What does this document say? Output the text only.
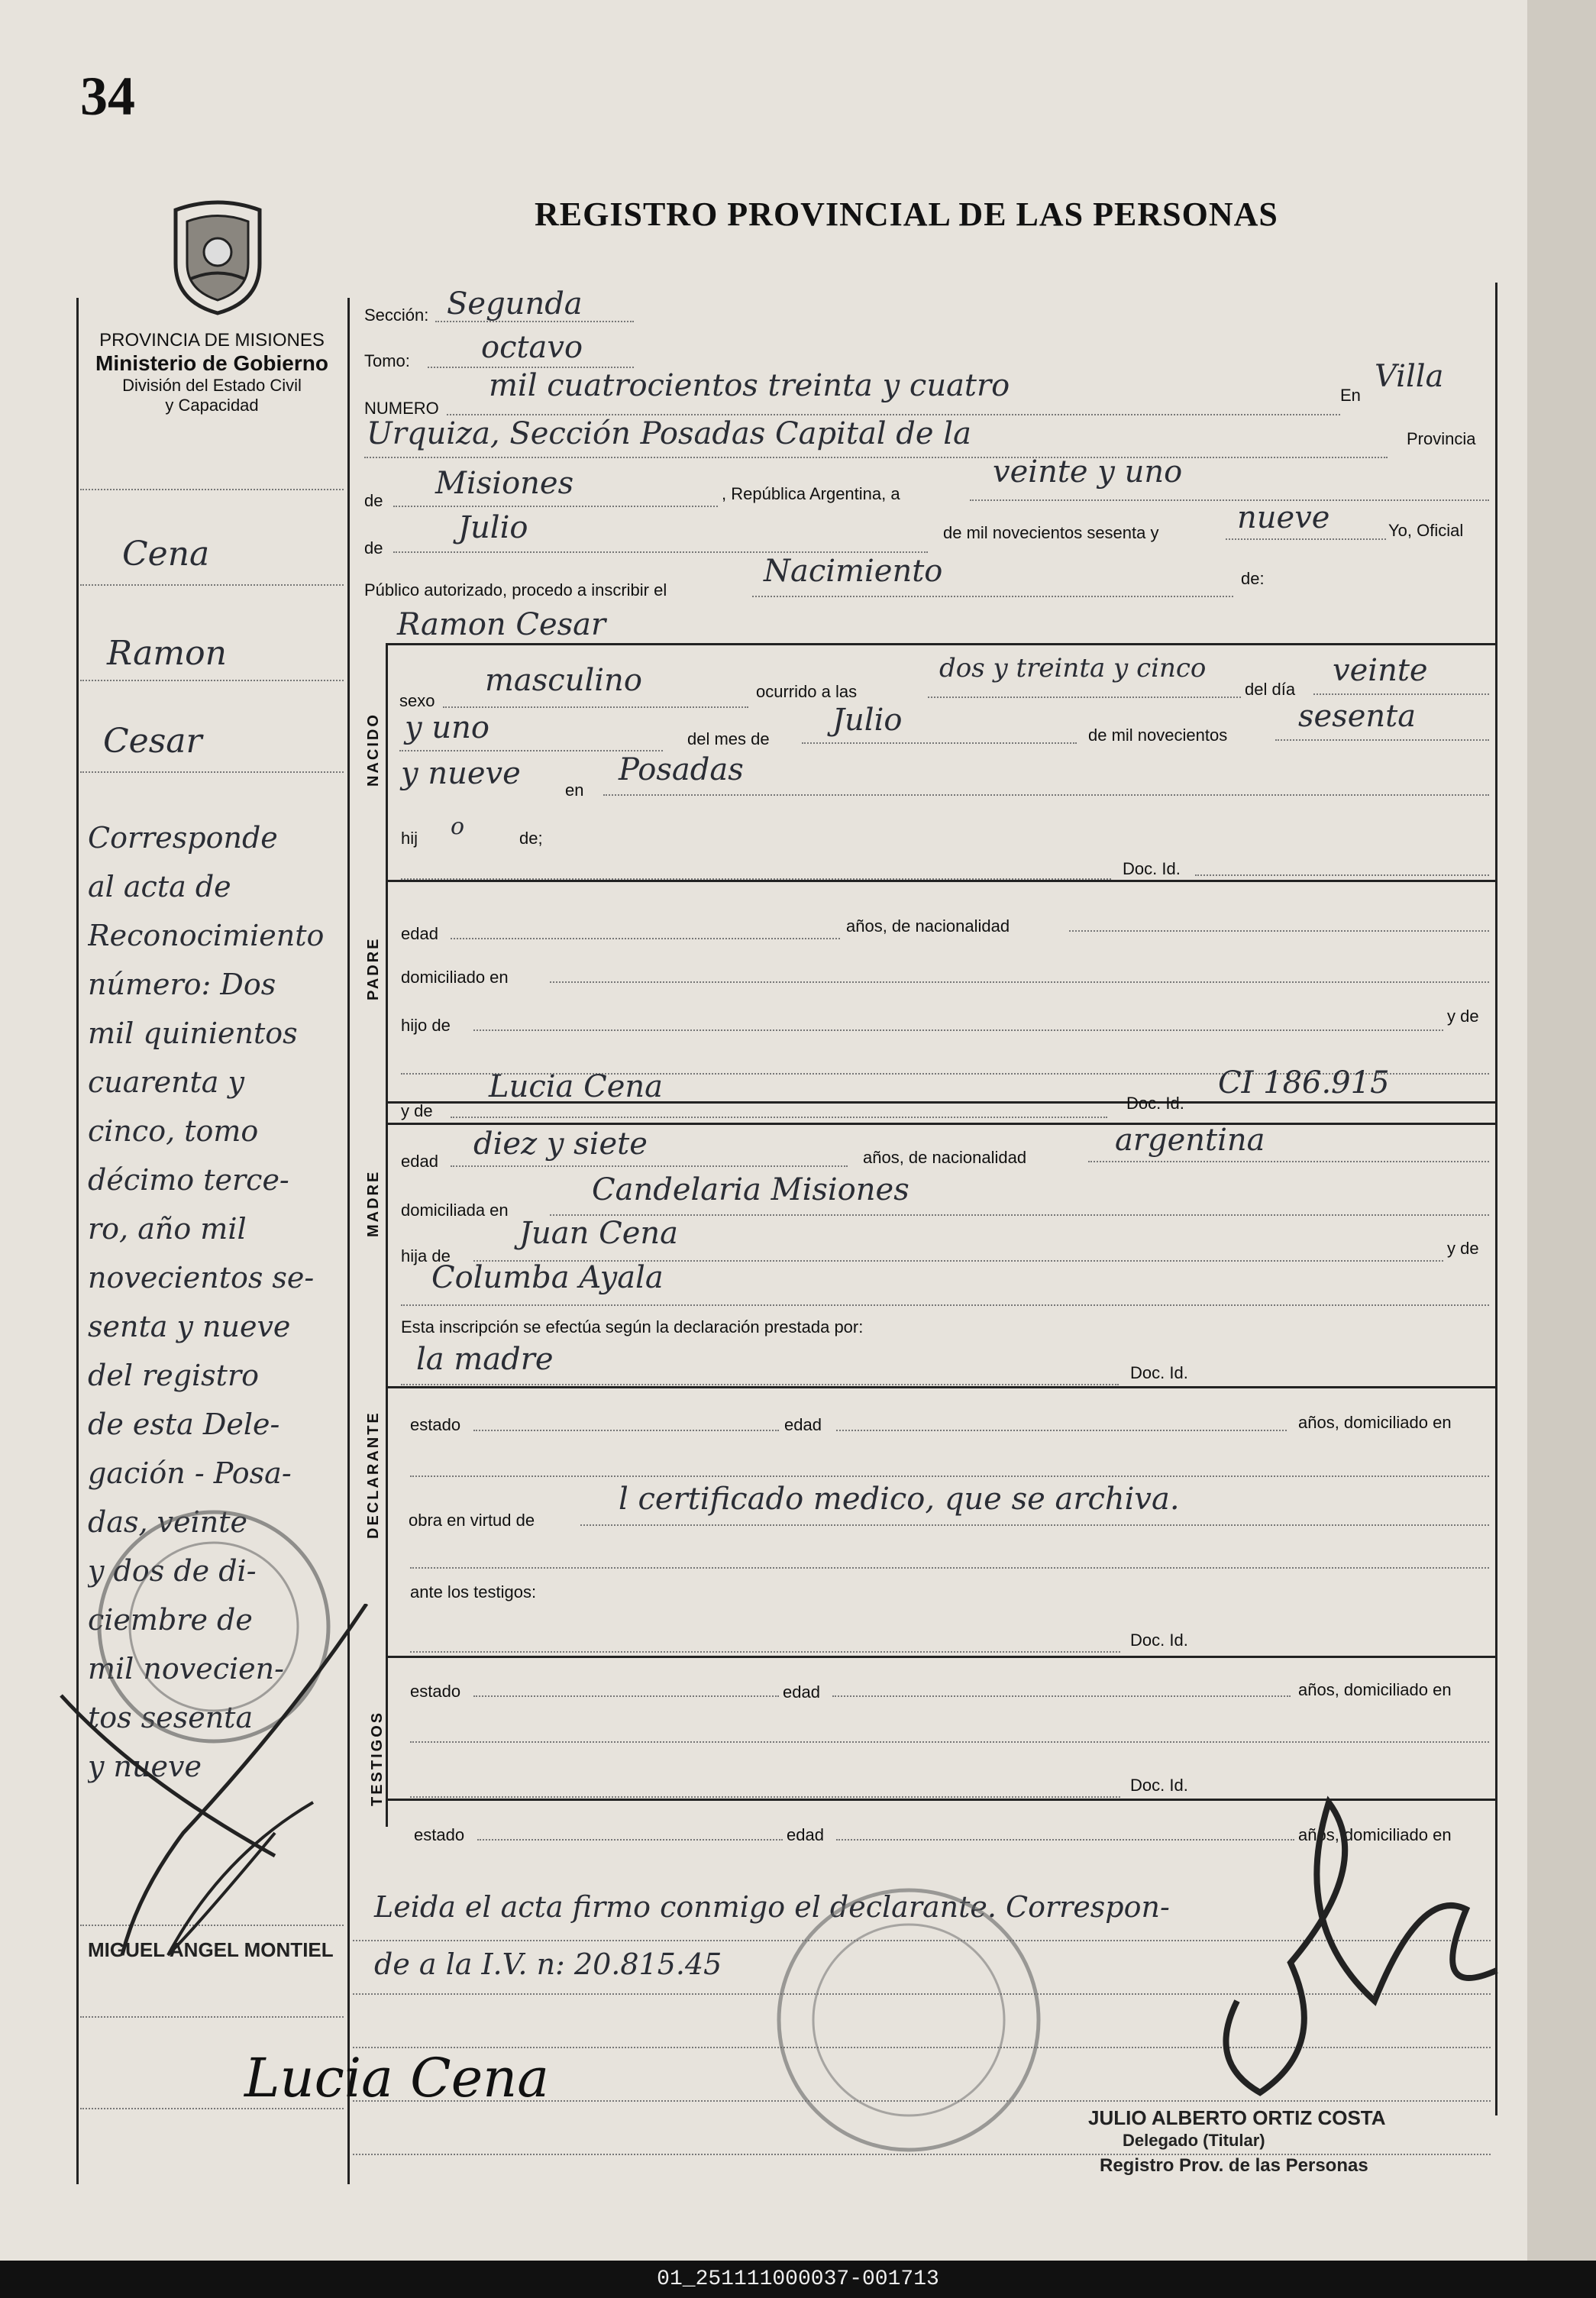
34
REGISTRO PROVINCIAL DE LAS PERSONAS
PROVINCIA DE MISIONES
Ministerio de Gobierno
División del Estado Civil
y Capacidad
Sección: Segunda
Tomo: octavo
NUMERO
mil cuatrocientos treinta y cuatro	En
Villa
Urquiza, Sección Posadas Capital de la	Provincia
de Misiones	, República Argentina, a
veinte y uno
de
Julio	de mil novecientos sesenta y	nueve	Yo, Oficial
Público autorizado, procedo a inscribir el
Nacimiento	de:
Ramon Cesar
NACIDO
sexo
masculino	ocurrido a las
dos y treinta y cinco
del día
veinte
y uno	del mes de
Julio	de mil novecientos
sesenta
y nueve	en
Posadas
hij o	de;
Doc. Id.
PADRE
edad	años, de nacionalidad
domiciliado en
hijo de	y de
y de
Lucia Cena	Doc. Id.
CI 186.915
MADRE
edad diez y siete	años, de nacionalidad	argentina
domiciliada en
Candelaria Misiones
hija de
Juan Cena	y de
Columba Ayala
Esta inscripción se efectúa según la declaración prestada por:
la madre	Doc. Id.
DECLARANTE estado	edad	años, domiciliado en
obra en virtud de
l certificado medico, que se archiva.
ante los testigos:
Doc. Id.
TESTIGOS
estado	edad	años, domiciliado en
Doc. Id.
estado	edad	años, domiciliado en
Leida el acta firmo conmigo el declarante. Correspon-
de a la I.V. n: 20.815.45
Cena
Ramon
Cesar
Corresponde
al acta de
Reconocimiento
número: Dos
mil quinientos
cuarenta y
cinco, tomo
décimo terce-
ro, año mil
novecientos se-
senta y nueve
del registro
de esta Dele-
gación - Posa-
das, veinte
y dos de di-
ciembre de
mil novecien-
tos sesenta
y nueve
MIGUEL ANGEL MONTIEL
Lucia Cena
JULIO ALBERTO ORTIZ COSTA
Delegado (Titular)
Registro Prov. de las Personas
01_251111000037-001713
